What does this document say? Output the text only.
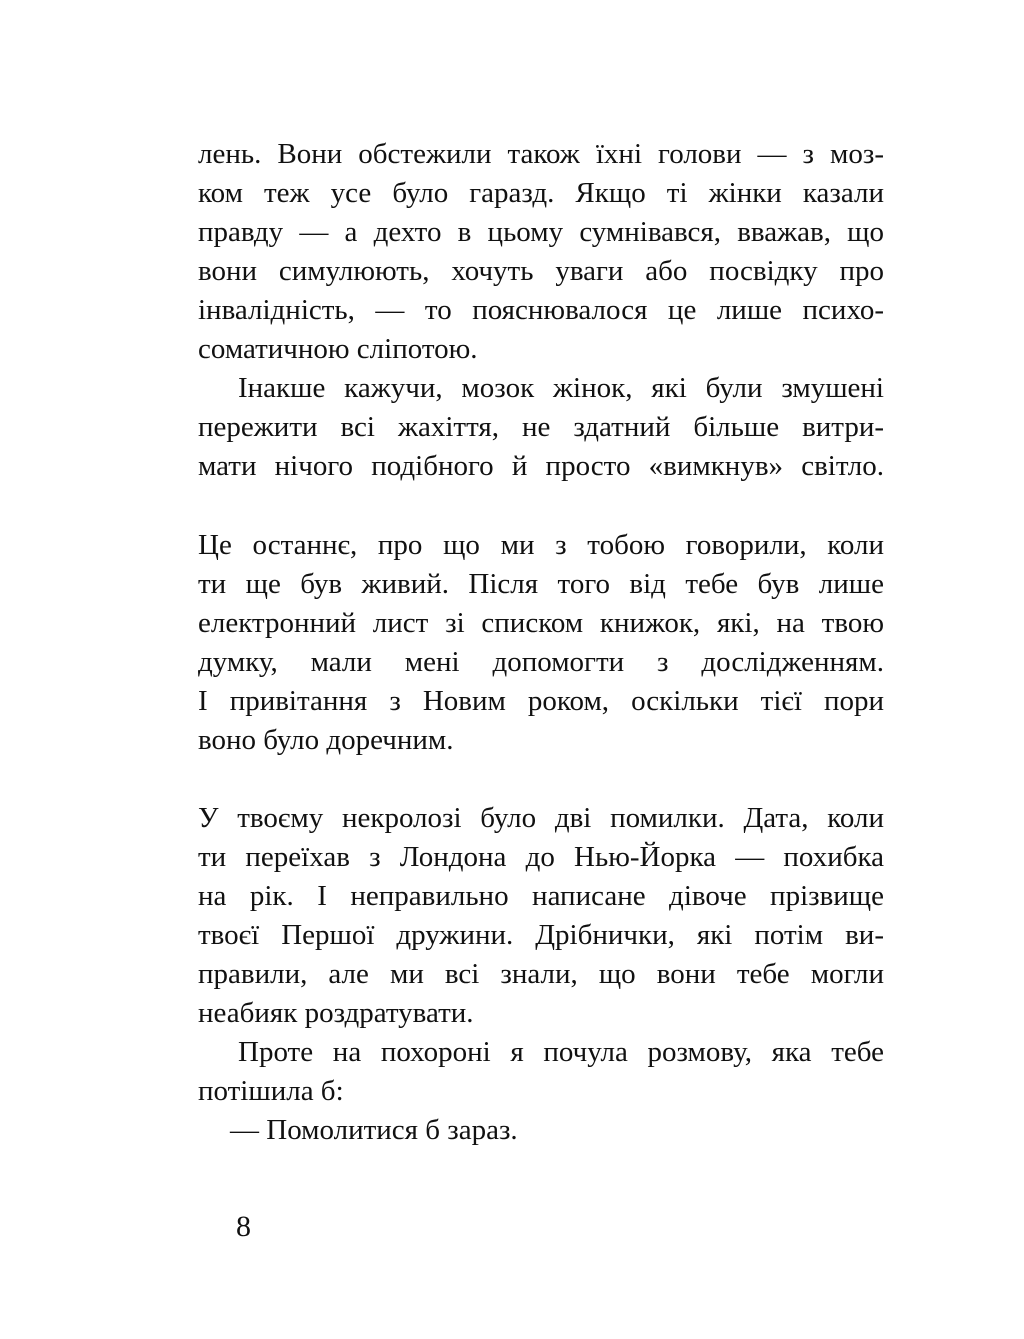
лень. Вони обстежили також їхні голови — з моз-
ком теж усе було гаразд. Якщо ті жінки казали
правду — а дехто в цьому сумнівався, вважав, що
вони симулюють, хочуть уваги або посвідку про
інвалідність, — то пояснювалося це лише психо-
соматичною сліпотою.
Інакше кажучи, мозок жінок, які були змушені
пережити всі жахіття, не здатний більше витри-
мати нічого подібного й просто «вимкнув» світло.
Це останнє, про що ми з тобою говорили, коли
ти ще був живий. Після того від тебе був лише
електронний лист зі списком книжок, які, на твою
думку, мали мені допомогти з дослідженням.
І привітання з Новим роком, оскільки тієї пори
воно було доречним.
У твоєму некролозі було дві помилки. Дата, коли
ти переїхав з Лондона до Нью-Йорка — похибка
на рік. І неправильно написане дівоче прізвище
твоєї Першої дружини. Дрібнички, які потім ви-
правили, але ми всі знали, що вони тебе могли
неабияк роздратувати.
Проте на похороні я почула розмову, яка тебе
потішила б:
— Помолитися б зараз.
8
